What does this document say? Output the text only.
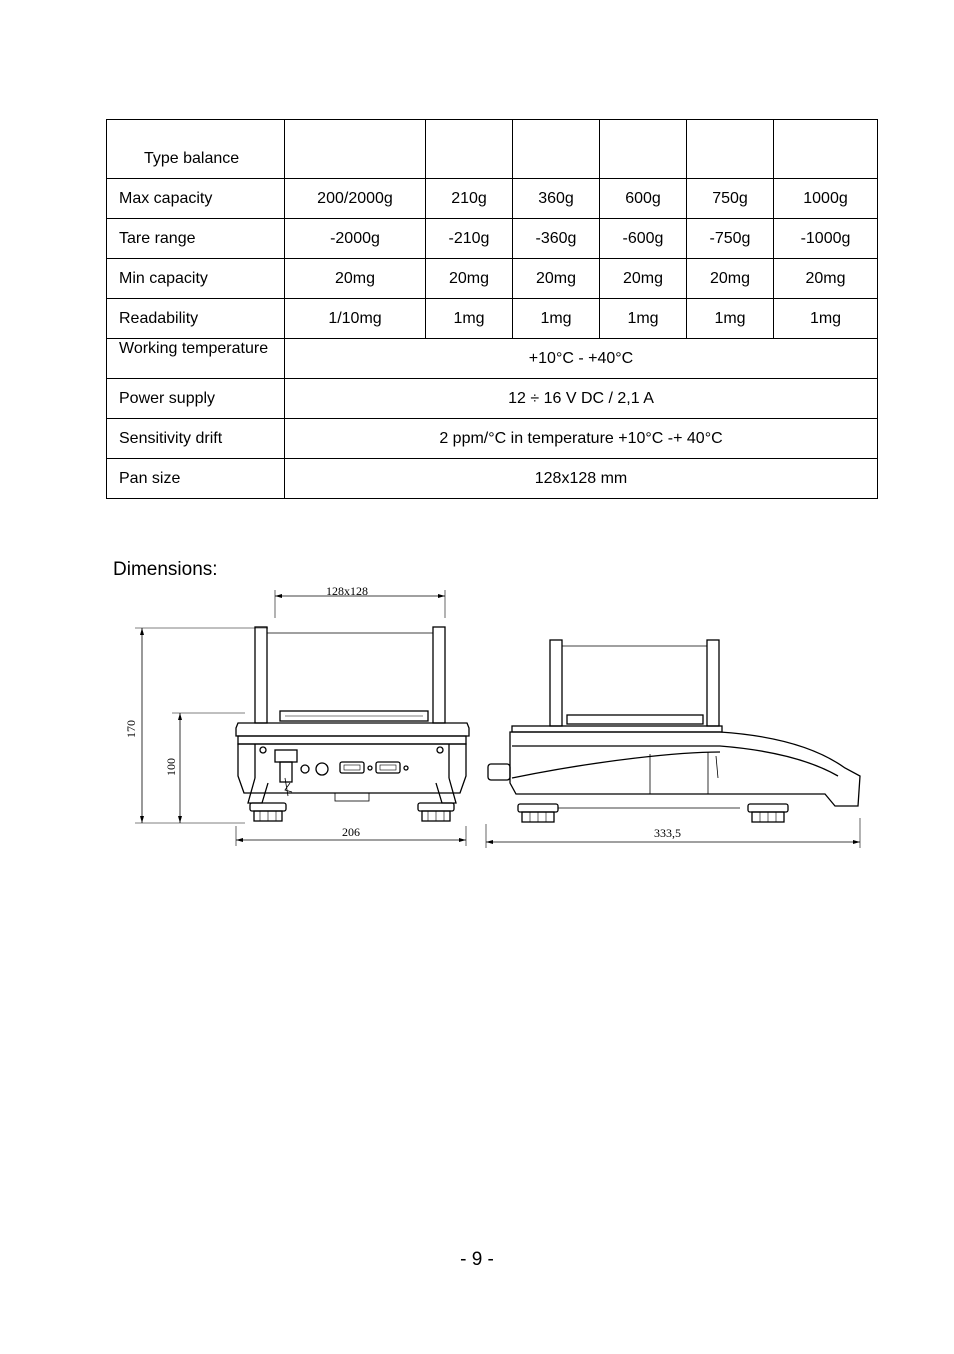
Type balance						
Max capacity	200/2000g	210g	360g	600g	750g	1000g
Tare range	-2000g	-210g	-360g	-600g	-750g	-1000g
Min capacity	20mg	20mg	20mg	20mg	20mg	20mg
Readability	1/10mg	1mg	1mg	1mg	1mg	1mg
Working temperature	+10°C - +40°C					
Power supply	12 ÷ 16 V DC / 2,1 A					
Sensitivity drift	2 ppm/°C in temperature +10°C -+ 40°C					
Pan size	128x128 mm					
Dimensions:
128x128
170
100
206	333,5
- 9 -
